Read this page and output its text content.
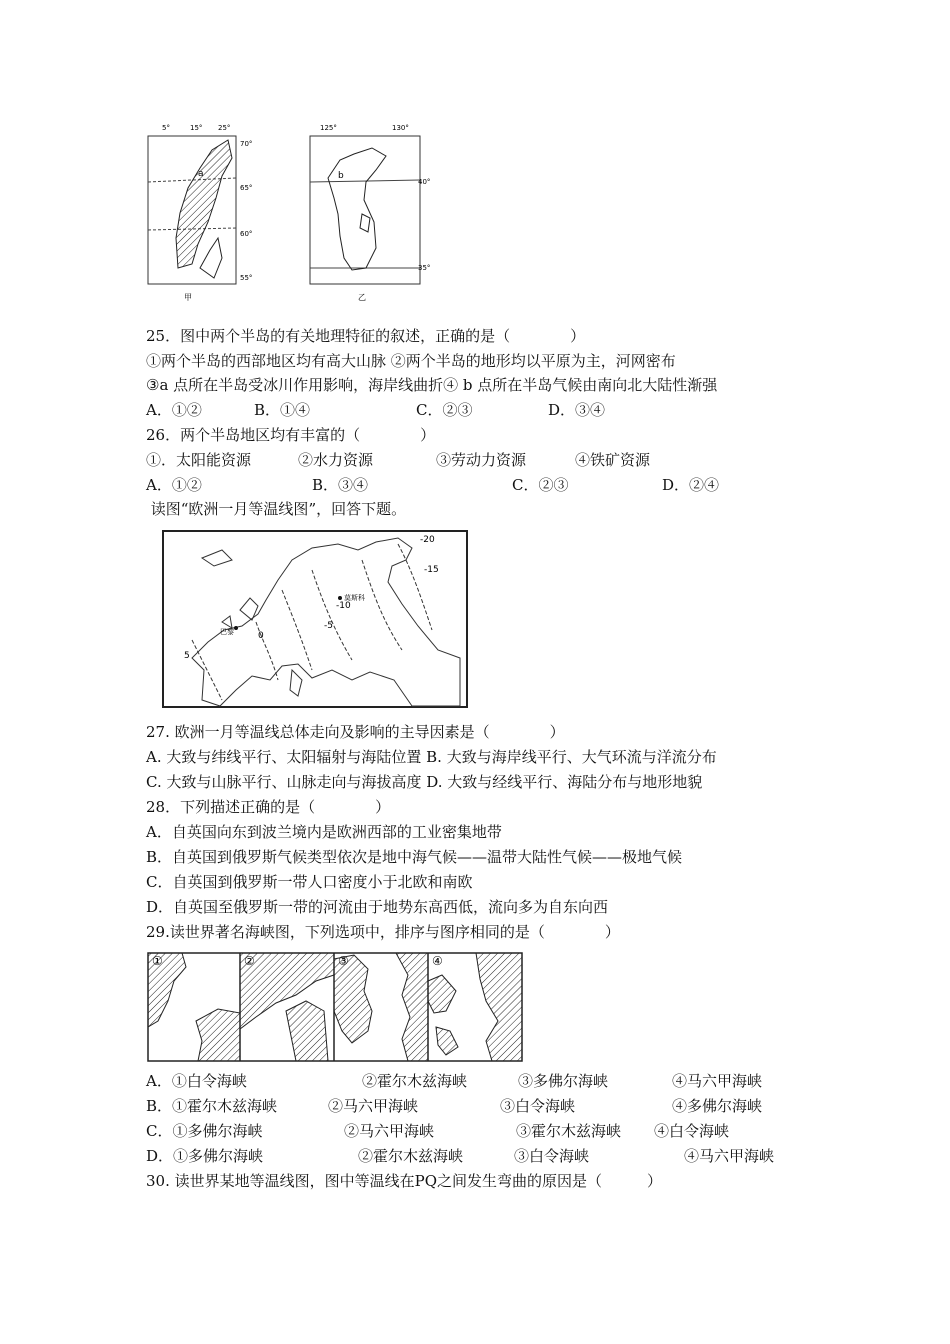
5°	15° 25°
70°
65°
60°
55°
a
甲
125°	130°
40°
35°
b
乙
25．图中两个半岛的有关地理特征的叙述，正确的是（　　　　）
①两个半岛的西部地区均有高大山脉 ②两个半岛的地形均以平原为主，河网密布
③a 点所在半岛受冰川作用影响，海岸线曲折④ b 点所在半岛气候由南向北大陆性渐强
A．①②	B．①④	C．②③	D．③④
26．两个半岛地区均有丰富的（　　　　）
①．太阳能资源	②水力资源	③劳动力资源	④铁矿资源
A．①②	B．③④	C．②③	D．②④
读图“欧洲一月等温线图”，回答下题。
-20
-15
-10
-5
0
5
莫斯科
巴黎
27. 欧洲一月等温线总体走向及影响的主导因素是（　　　　）
A. 大致与纬线平行、太阳辐射与海陆位置 B. 大致与海岸线平行、大气环流与洋流分布
C. 大致与山脉平行、山脉走向与海拔高度 D. 大致与经线平行、海陆分布与地形地貌
28．下列描述正确的是（　　　　）
A．自英国向东到波兰境内是欧洲西部的工业密集地带
B．自英国到俄罗斯气候类型依次是地中海气候——温带大陆性气候——极地气候
C．自英国到俄罗斯一带人口密度小于北欧和南欧
D．自英国至俄罗斯一带的河流由于地势东高西低，流向多为自东向西
29.读世界著名海峡图，下列选项中，排序与图序相同的是（　　　　）
①	②	③	④
A．①白令海峡	②霍尔木兹海峡	③多佛尔海峡	④马六甲海峡
B．①霍尔木兹海峡	②马六甲海峡	③白令海峡	④多佛尔海峡
C．①多佛尔海峡	②马六甲海峡	③霍尔木兹海峡 ④白令海峡
D．①多佛尔海峡	②霍尔木兹海峡	③白令海峡	④马六甲海峡
30. 读世界某地等温线图，图中等温线在PQ之间发生弯曲的原因是（　　　）
